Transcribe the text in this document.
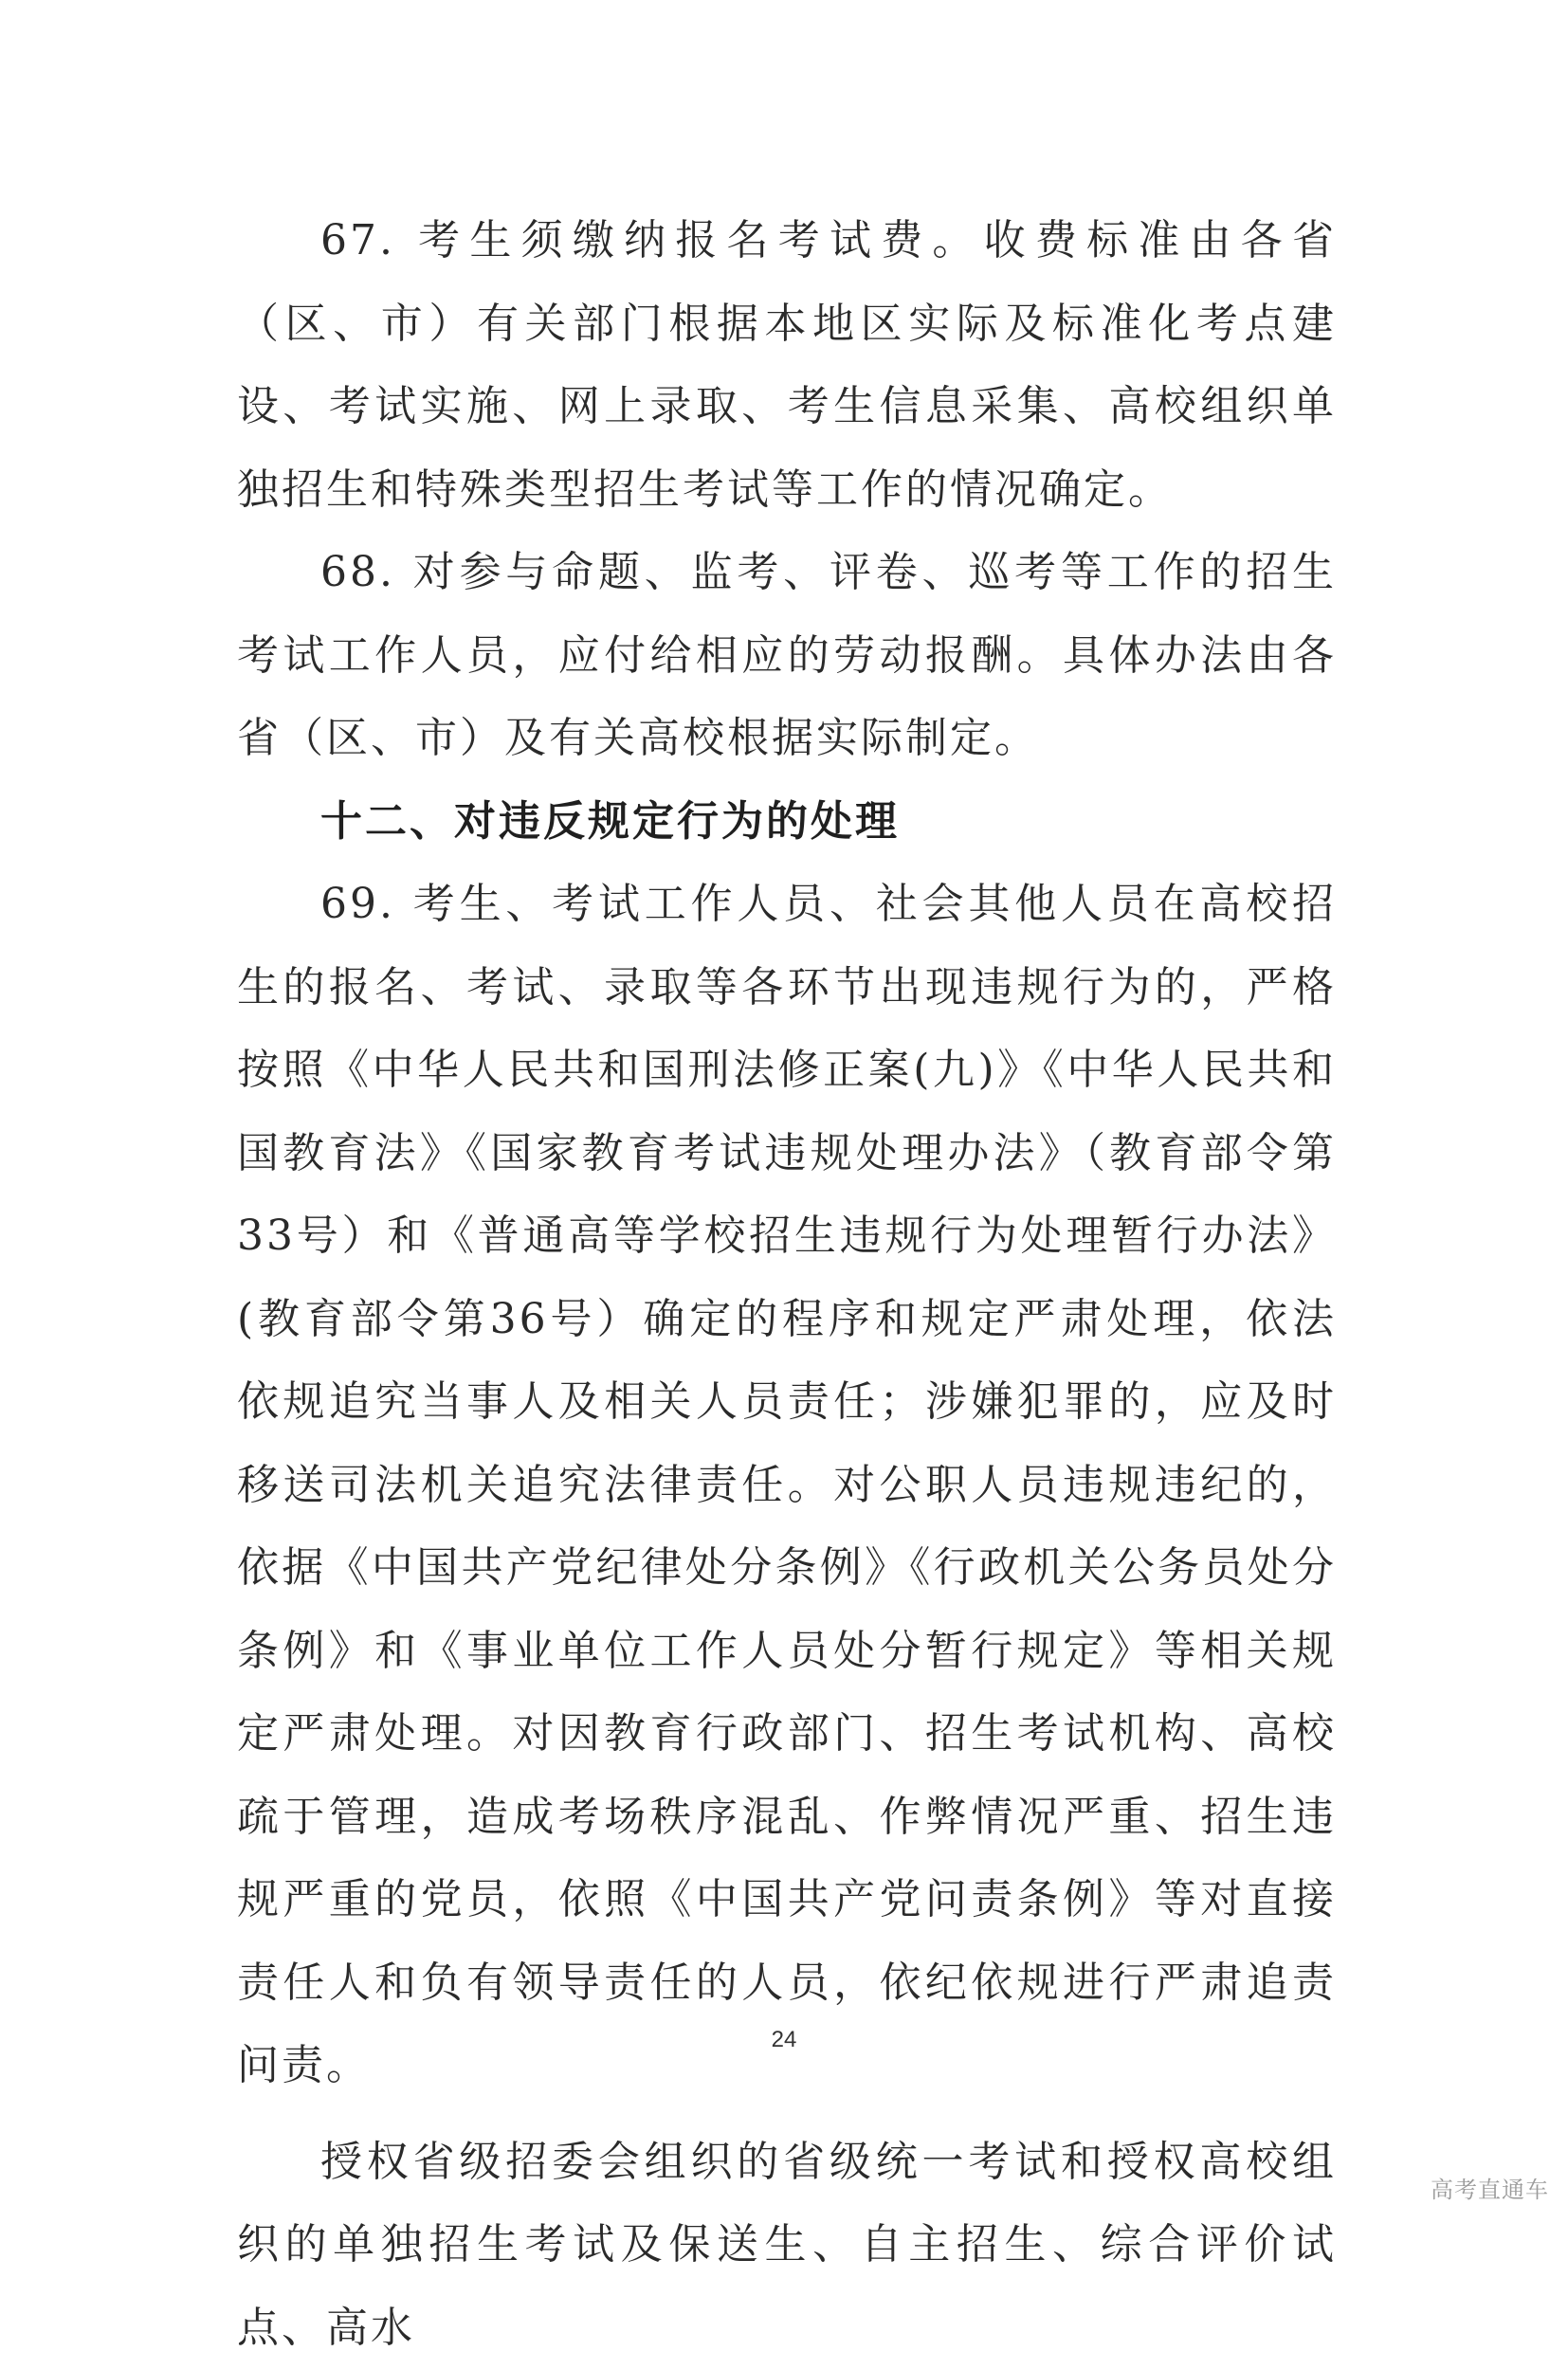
67. 考生须缴纳报名考试费。收费标准由各省（区、市）有关部门根据本地区实际及标准化考点建设、考试实施、网上录取、考生信息采集、高校组织单独招生和特殊类型招生考试等工作的情况确定。

68. 对参与命题、监考、评卷、巡考等工作的招生考试工作人员，应付给相应的劳动报酬。具体办法由各省（区、市）及有关高校根据实际制定。

十二、对违反规定行为的处理

69. 考生、考试工作人员、社会其他人员在高校招生的报名、考试、录取等各环节出现违规行为的，严格按照《中华人民共和国刑法修正案(九)》《中华人民共和国教育法》《国家教育考试违规处理办法》（教育部令第33号）和《普通高等学校招生违规行为处理暂行办法》(教育部令第36号）确定的程序和规定严肃处理，依法依规追究当事人及相关人员责任；涉嫌犯罪的，应及时移送司法机关追究法律责任。对公职人员违规违纪的，依据《中国共产党纪律处分条例》《行政机关公务员处分条例》和《事业单位工作人员处分暂行规定》等相关规定严肃处理。对因教育行政部门、招生考试机构、高校疏于管理，造成考场秩序混乱、作弊情况严重、招生违规严重的党员，依照《中国共产党问责条例》等对直接责任人和负有领导责任的人员，依纪依规进行严肃追责问责。

授权省级招委会组织的省级统一考试和授权高校组织的单独招生考试及保送生、自主招生、综合评价试点、高水

24
高考直通车
